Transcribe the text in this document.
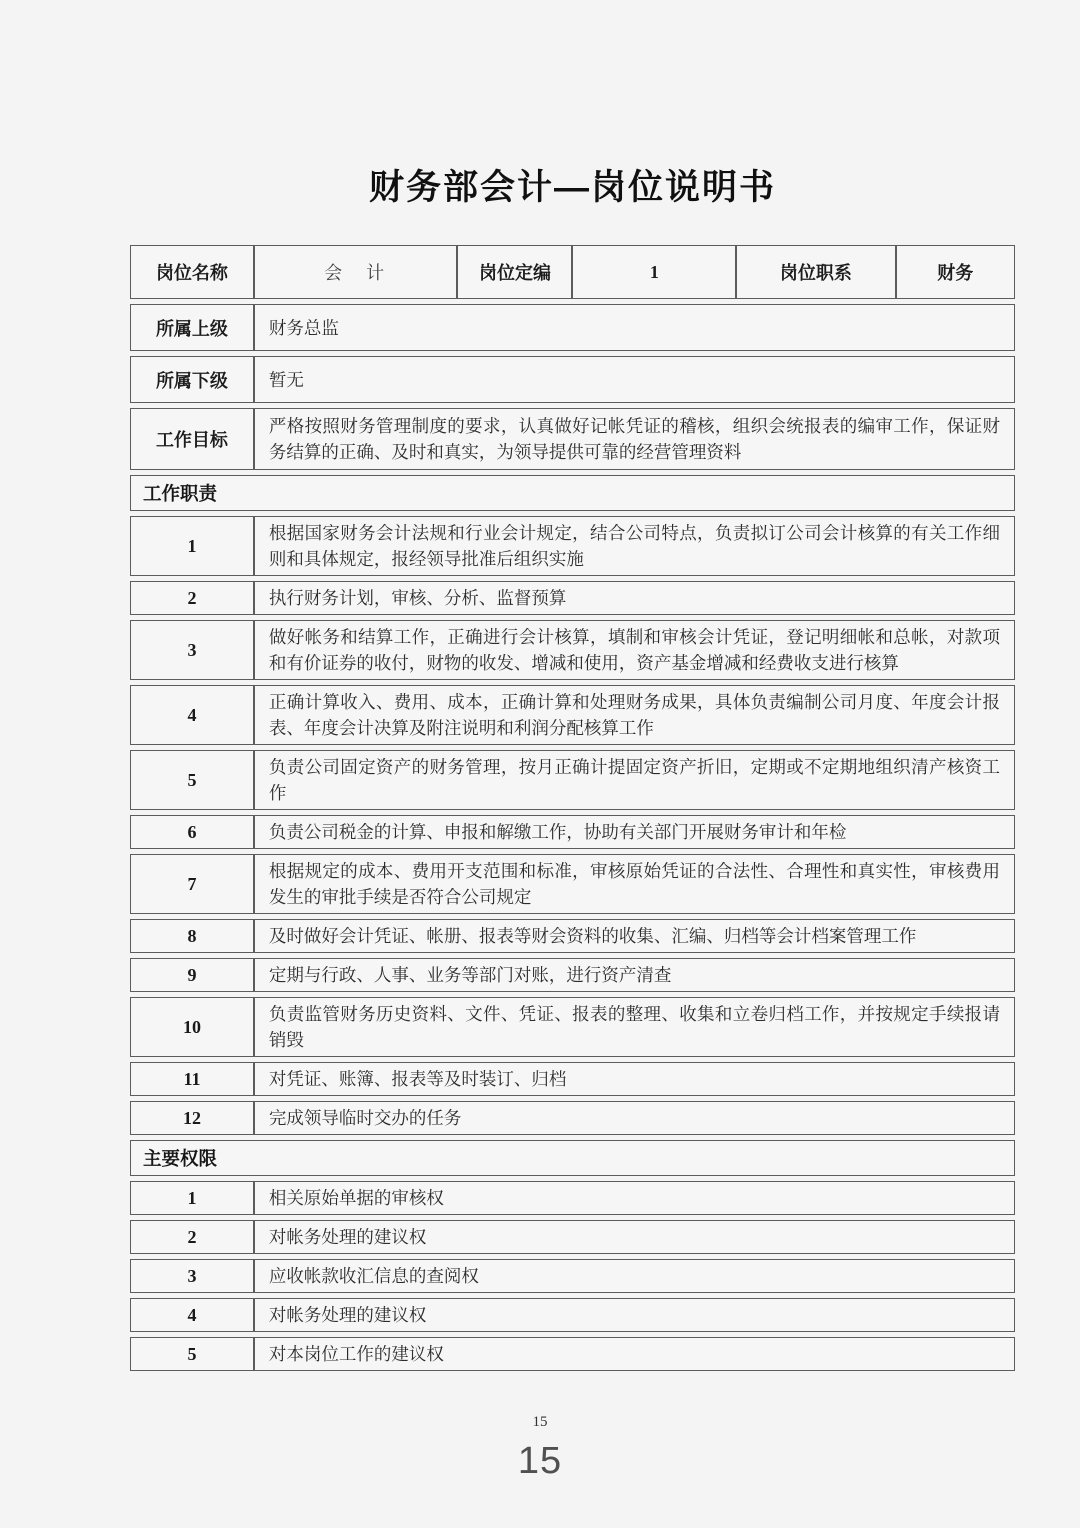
财务部会计—岗位说明书
岗位名称	会　计	岗位定编	1	岗位职系	财务
所属上级	财务总监				
所属下级	暂无				
工作目标	严格按照财务管理制度的要求，认真做好记帐凭证的稽核，组织会统报表的编审工作，保证财务结算的正确、及时和真实，为领导提供可靠的经营管理资料				
工作职责					
1	根据国家财务会计法规和行业会计规定，结合公司特点，负责拟订公司会计核算的有关工作细则和具体规定，报经领导批准后组织实施				
2	执行财务计划，审核、分析、监督预算				
3	做好帐务和结算工作，正确进行会计核算，填制和审核会计凭证，登记明细帐和总帐，对款项和有价证券的收付，财物的收发、增减和使用，资产基金增减和经费收支进行核算				
4	正确计算收入、费用、成本，正确计算和处理财务成果，具体负责编制公司月度、年度会计报表、年度会计决算及附注说明和利润分配核算工作				
5	负责公司固定资产的财务管理，按月正确计提固定资产折旧，定期或不定期地组织清产核资工作				
6	负责公司税金的计算、申报和解缴工作，协助有关部门开展财务审计和年检				
7	根据规定的成本、费用开支范围和标准，审核原始凭证的合法性、合理性和真实性，审核费用发生的审批手续是否符合公司规定				
8	及时做好会计凭证、帐册、报表等财会资料的收集、汇编、归档等会计档案管理工作				
9	定期与行政、人事、业务等部门对账，进行资产清查				
10	负责监管财务历史资料、文件、凭证、报表的整理、收集和立卷归档工作，并按规定手续报请销毁				
11	对凭证、账簿、报表等及时装订、归档				
12	完成领导临时交办的任务				
主要权限					
1	相关原始单据的审核权				
2	对帐务处理的建议权				
3	应收帐款收汇信息的查阅权				
4	对帐务处理的建议权				
5	对本岗位工作的建议权				
15
15
